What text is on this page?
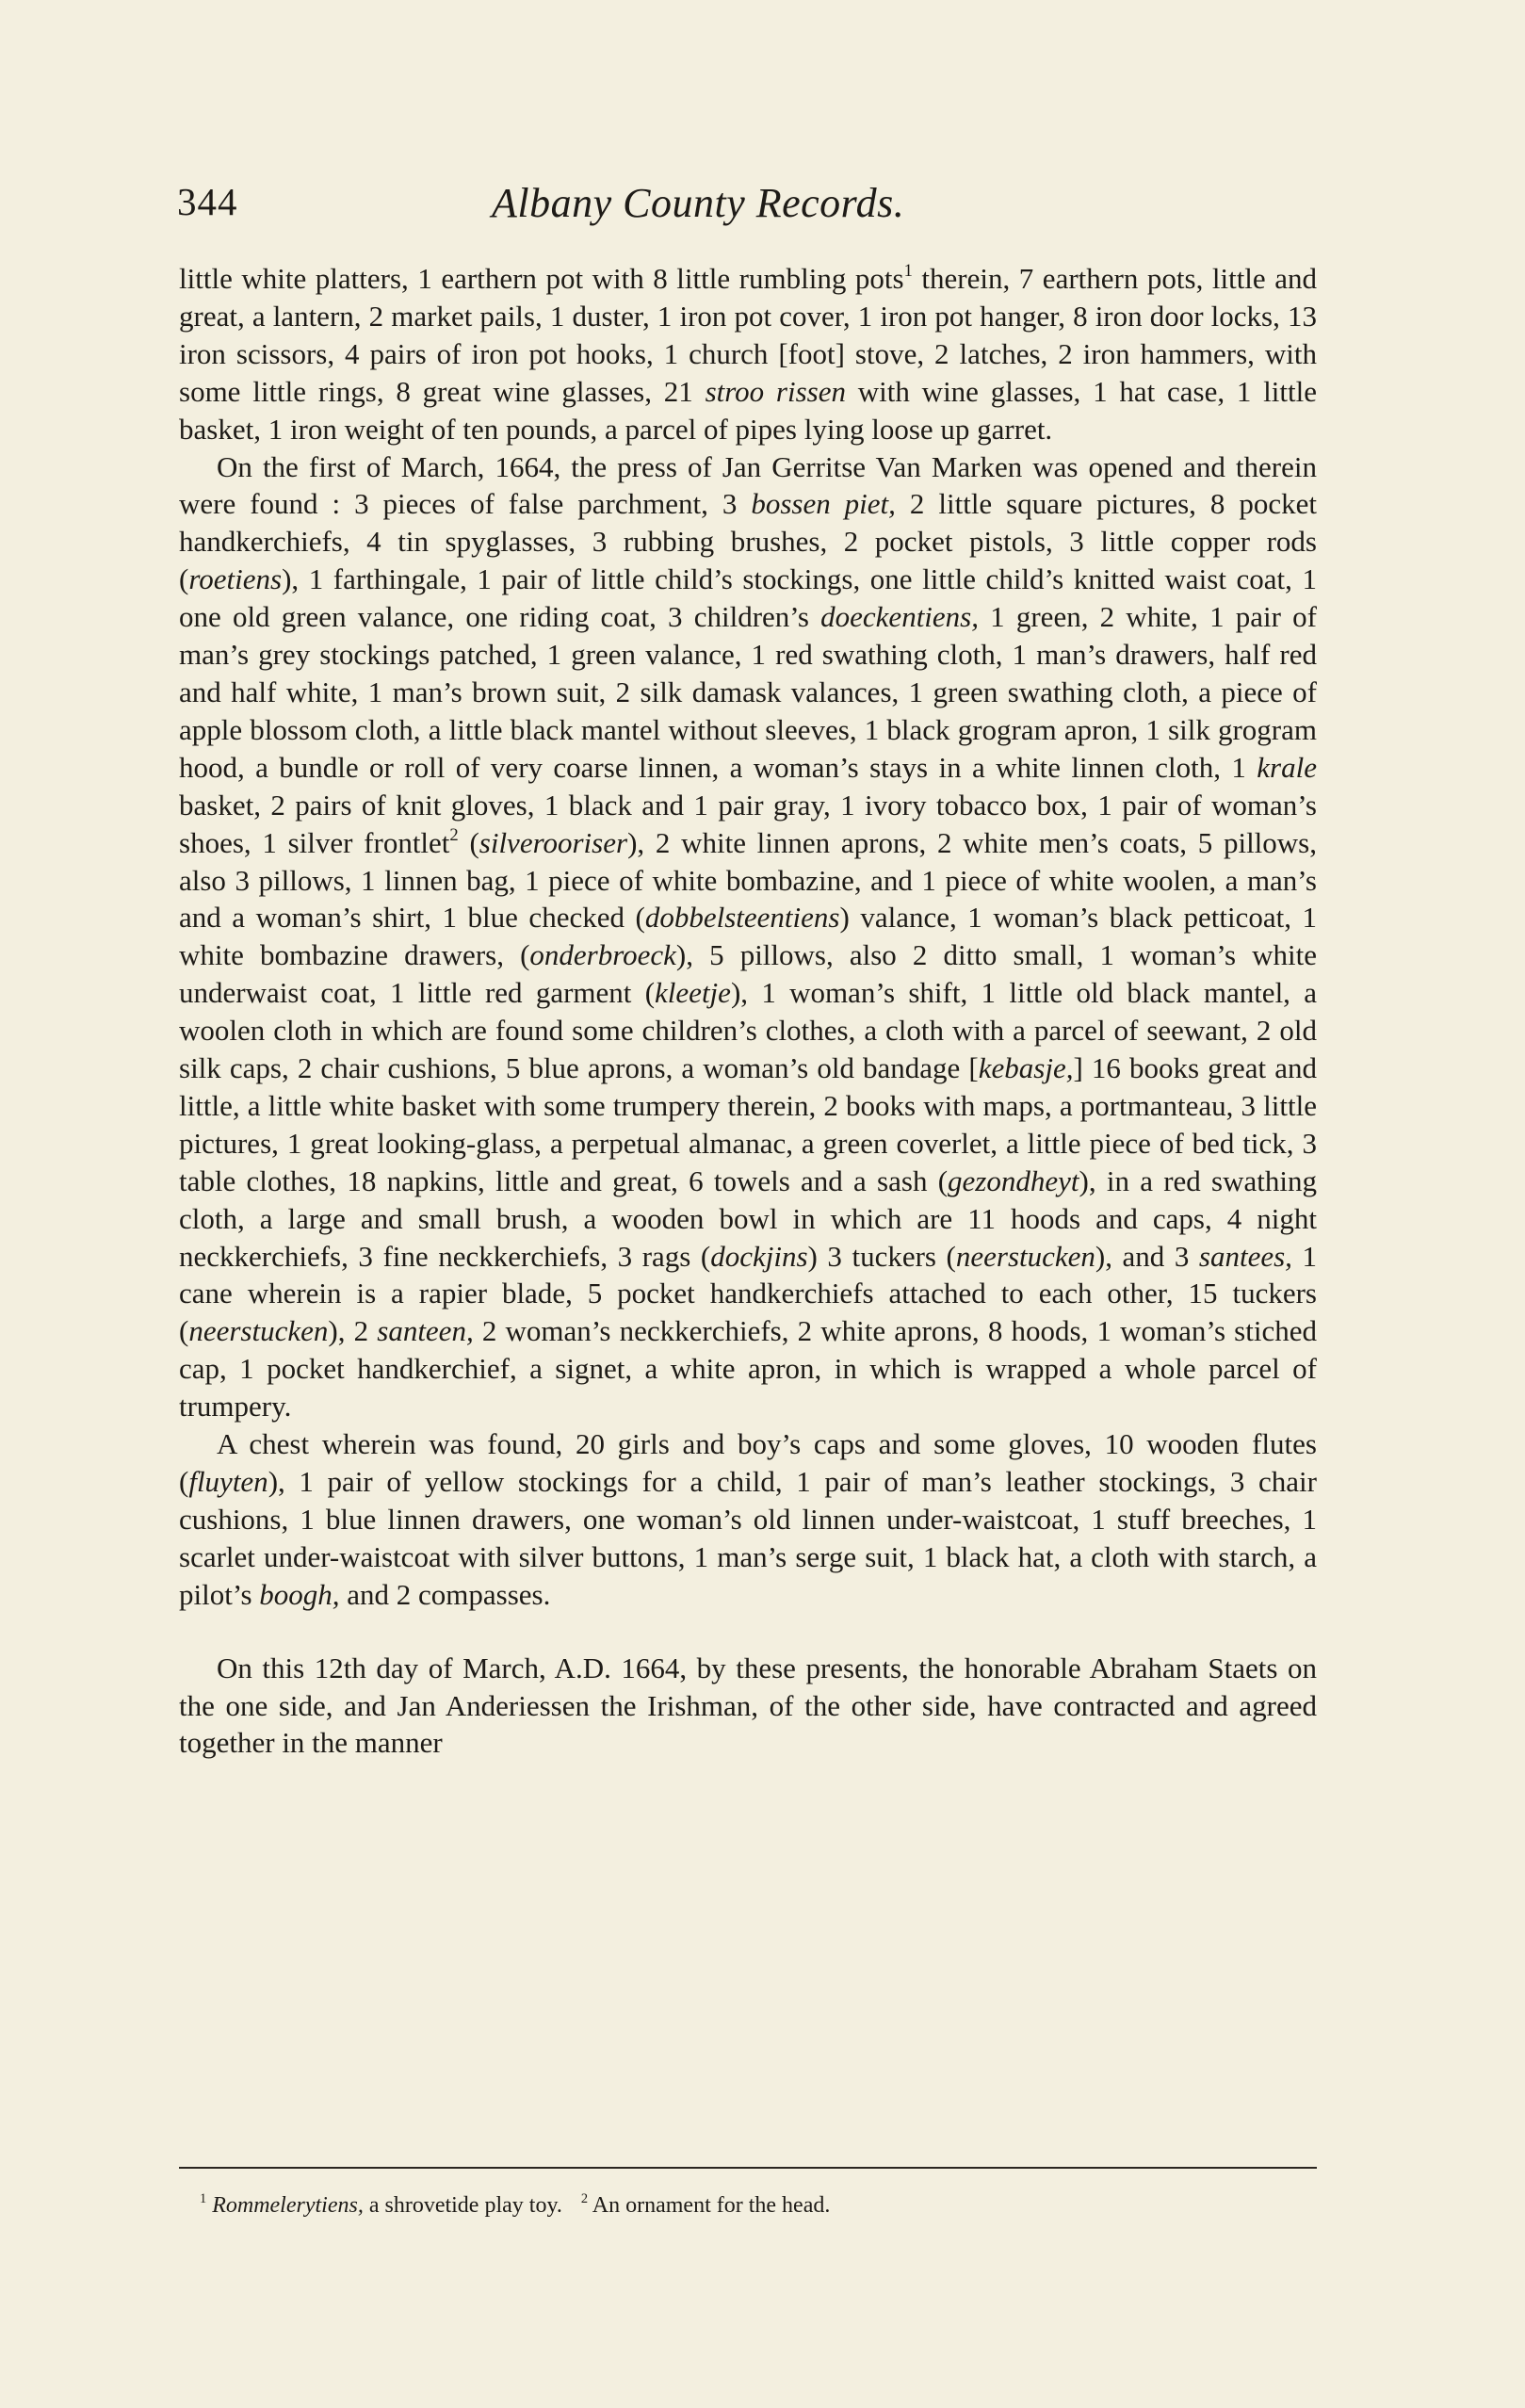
344	Albany County Records.

little white platters, 1 earthern pot with 8 little rumbling pots$^1$ therein, 7 earthern pots, little and great, a lantern, 2 market pails, 1 duster, 1 iron pot cover, 1 iron pot hanger, 8 iron door locks, 13 iron scissors, 4 pairs of iron pot hooks, 1 church [foot] stove, 2 latches, 2 iron hammers, with some little rings, 8 great wine glasses, 21 stroo rissen with wine glasses, 1 hat case, 1 little basket, 1 iron weight of ten pounds, a parcel of pipes lying loose up garret.

On the first of March, 1664, the press of Jan Gerritse Van Marken was opened and therein were found : 3 pieces of false parchment, 3 bossen piet, 2 little square pictures, 8 pocket handkerchiefs, 4 tin spyglasses, 3 rubbing brushes, 2 pocket pistols, 3 little copper rods (roetiens), 1 farthingale, 1 pair of little child’s stockings, one little child’s knitted waist coat, 1 one old green valance, one riding coat, 3 children’s doeckentiens, 1 green, 2 white, 1 pair of man’s grey stockings patched, 1 green valance, 1 red swathing cloth, 1 man’s drawers, half red and half white, 1 man’s brown suit, 2 silk damask valances, 1 green swathing cloth, a piece of apple blossom cloth, a little black mantel without sleeves, 1 black grogram apron, 1 silk grogram hood, a bundle or roll of very coarse linnen, a woman’s stays in a white linnen cloth, 1 krale basket, 2 pairs of knit gloves, 1 black and 1 pair gray, 1 ivory tobacco box, 1 pair of woman’s shoes, 1 silver frontlet$^2$ (silverooriser), 2 white linnen aprons, 2 white men’s coats, 5 pillows, also 3 pillows, 1 linnen bag, 1 piece of white bombazine, and 1 piece of white woolen, a man’s and a woman’s shirt, 1 blue checked (dobbelsteentiens) valance, 1 woman’s black petticoat, 1 white bombazine drawers, (onderbroeck), 5 pillows, also 2 ditto small, 1 woman’s white underwaist coat, 1 little red garment (kleetje), 1 woman’s shift, 1 little old black mantel, a woolen cloth in which are found some children’s clothes, a cloth with a parcel of seewant, 2 old silk caps, 2 chair cushions, 5 blue aprons, a woman’s old bandage [kebasje,] 16 books great and little, a little white basket with some trumpery therein, 2 books with maps, a portmanteau, 3 little pictures, 1 great looking-glass, a perpetual almanac, a green coverlet, a little piece of bed tick, 3 table clothes, 18 napkins, little and great, 6 towels and a sash (gezondheyt), in a red swathing cloth, a large and small brush, a wooden bowl in which are 11 hoods and caps, 4 night neckkerchiefs, 3 fine neckkerchiefs, 3 rags (dockjins) 3 tuckers (neerstucken), and 3 santees, 1 cane wherein is a rapier blade, 5 pocket handkerchiefs attached to each other, 15 tuckers (neerstucken), 2 santeen, 2 woman’s neckkerchiefs, 2 white aprons, 8 hoods, 1 woman’s stiched cap, 1 pocket handkerchief, a signet, a white apron, in which is wrapped a whole parcel of trumpery.

A chest wherein was found, 20 girls and boy’s caps and some gloves, 10 wooden flutes (fluyten), 1 pair of yellow stockings for a child, 1 pair of man’s leather stockings, 3 chair cushions, 1 blue linnen drawers, one woman’s old linnen under-waistcoat, 1 stuff breeches, 1 scarlet under-waistcoat with silver buttons, 1 man’s serge suit, 1 black hat, a cloth with starch, a pilot’s boogh, and 2 compasses.

On this 12th day of March, A.D. 1664, by these presents, the honorable Abraham Staets on the one side, and Jan Anderiessen the Irishman, of the other side, have contracted and agreed together in the manner

$^1$ Rommelerytiens, a shrovetide play toy. $^2$ An ornament for the head.
